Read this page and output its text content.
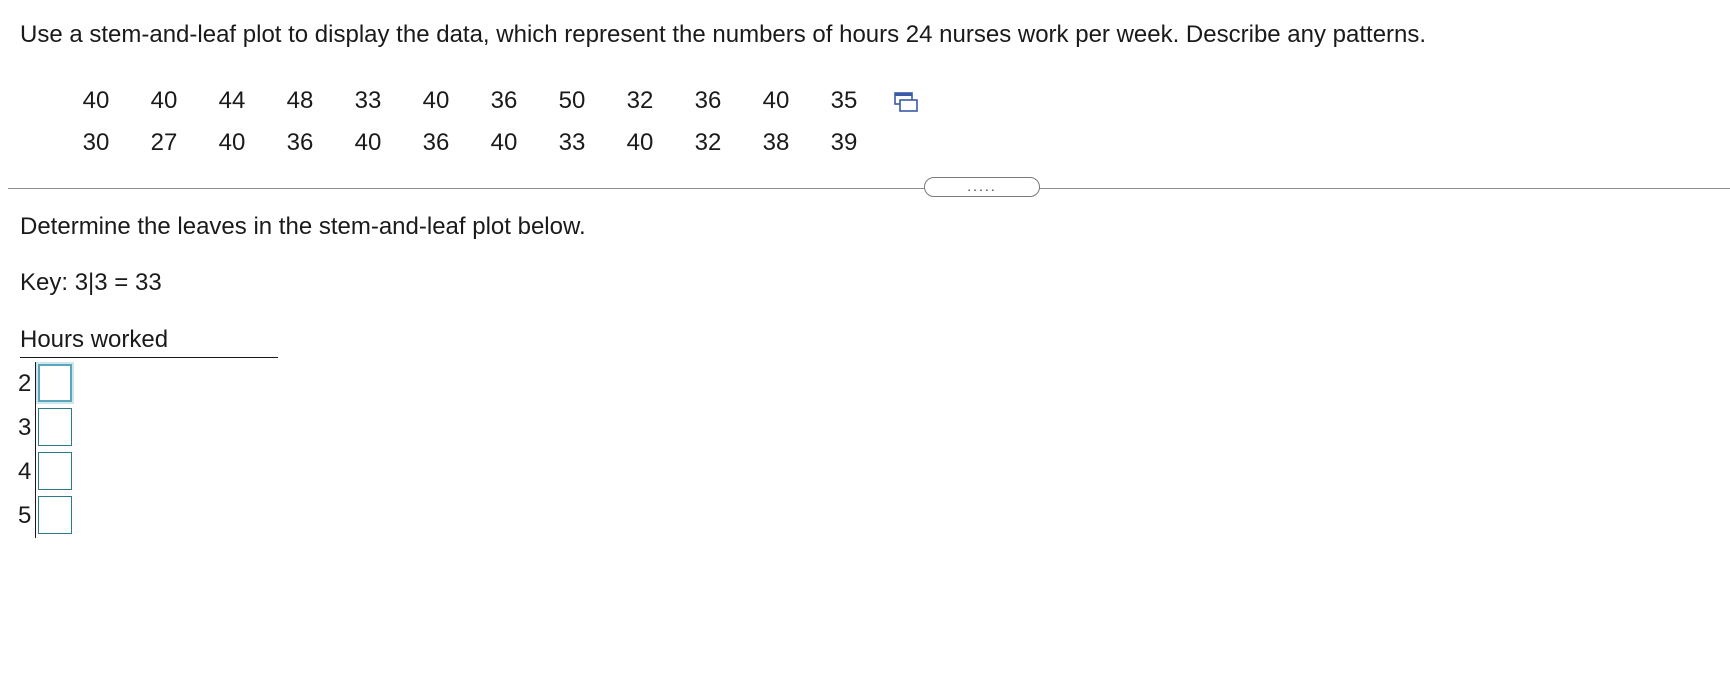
Use a stem-and-leaf plot to display the data, which represent the numbers of hours 24 nurses work per week. Describe any patterns.
40	40	44	48	33	40	36	50	32	36	40	35
30	27	40	36	40	36	40	33	40	32	38	39
.....
Determine the leaves in the stem-and-leaf plot below.
Key: 3|3 = 33
Hours worked
2
3
4
5
